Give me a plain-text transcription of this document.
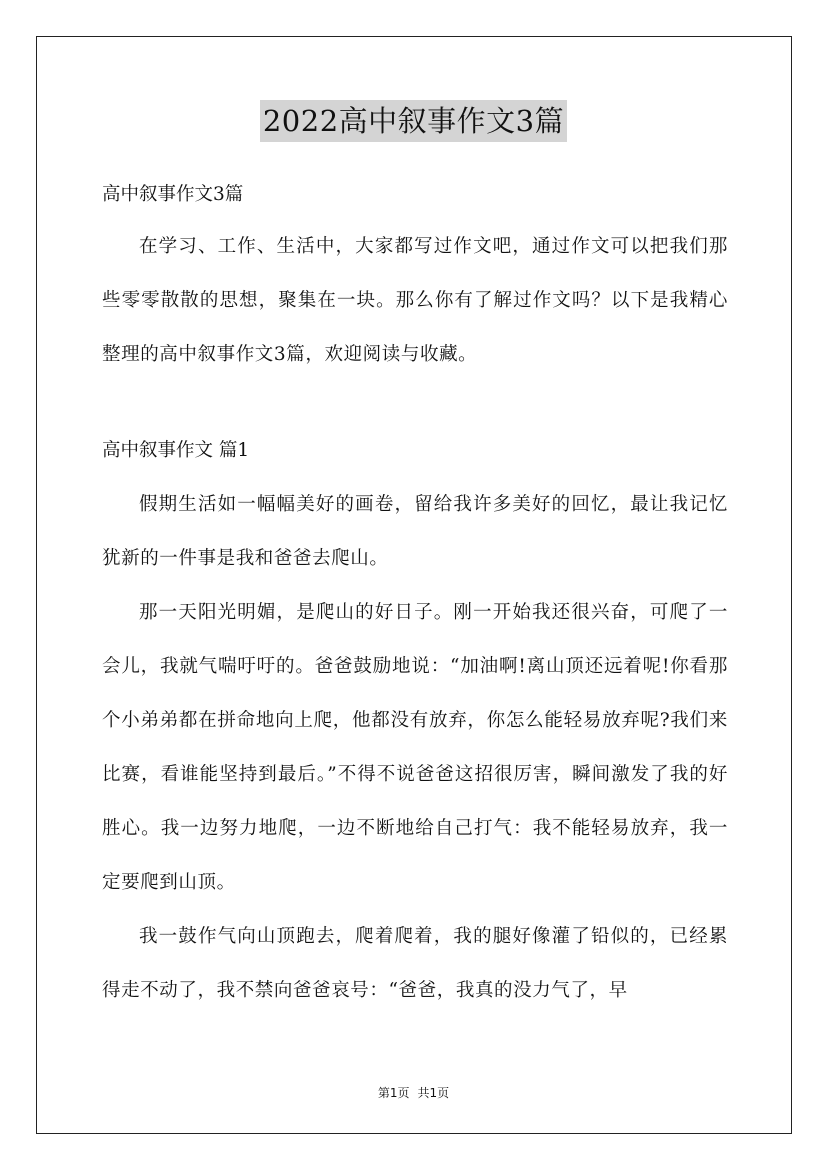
2022高中叙事作文3篇

高中叙事作文3篇

在学习、工作、生活中，大家都写过作文吧，通过作文可以把我们那些零零散散的思想，聚集在一块。那么你有了解过作文吗？以下是我精心整理的高中叙事作文3篇，欢迎阅读与收藏。

高中叙事作文 篇1

假期生活如一幅幅美好的画卷，留给我许多美好的回忆，最让我记忆犹新的一件事是我和爸爸去爬山。

那一天阳光明媚，是爬山的好日子。刚一开始我还很兴奋，可爬了一会儿，我就气喘吁吁的。爸爸鼓励地说：“加油啊!离山顶还远着呢!你看那个小弟弟都在拼命地向上爬，他都没有放弃，你怎么能轻易放弃呢?我们来比赛，看谁能坚持到最后。”不得不说爸爸这招很厉害，瞬间激发了我的好胜心。我一边努力地爬，一边不断地给自己打气：我不能轻易放弃，我一定要爬到山顶。

我一鼓作气向山顶跑去，爬着爬着，我的腿好像灌了铅似的，已经累得走不动了，我不禁向爸爸哀号：“爸爸，我真的没力气了，早

第1页 共1页
